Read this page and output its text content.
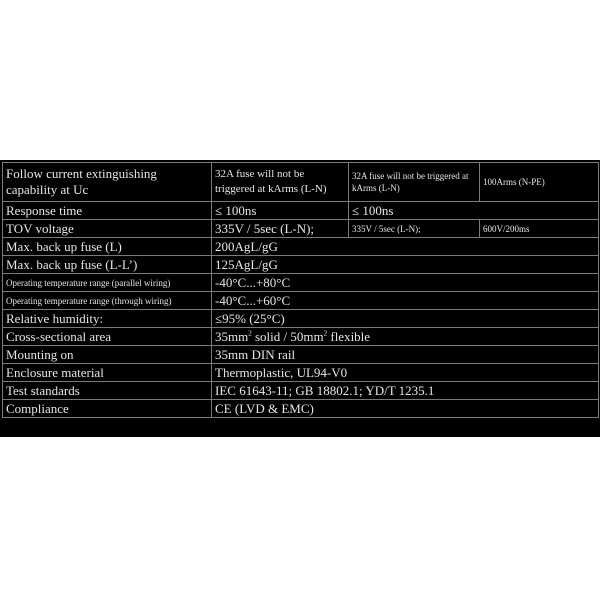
Follow current extinguishing capability at Uc	32A fuse will not be triggered at kArms (L-N)	32A fuse will not be triggered at kArms (L-N)	100Arms (N-PE)
Response time	≤ 100ns	≤ 100ns	
TOV voltage	335V / 5sec (L-N);	335V / 5sec (L-N);	600V/200ms
Max. back up fuse (L)	200AgL/gG		
Max. back up fuse (L-L’)	125AgL/gG		
Operating temperature range (parallel wiring)	-40°C...+80°C		
Operating temperature range (through wiring)	-40°C...+60°C		
Relative humidity:	≤95% (25°C)		
Cross-sectional area	$35mm^2$ solid / $50mm^2$ flexible		
Mounting on	35mm DIN rail		
Enclosure material	Thermoplastic, UL94-V0		
Test standards	IEC 61643-11; GB 18802.1; YD/T 1235.1		
Compliance	CE (LVD & EMC)		
